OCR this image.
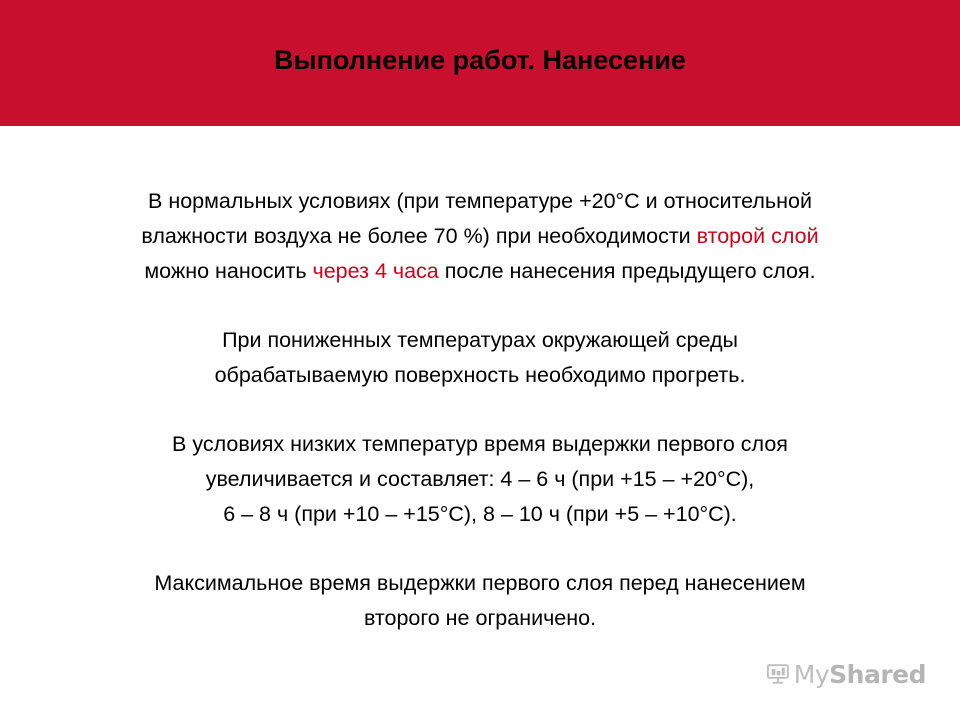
Выполнение работ. Нанесение
В нормальных условиях (при температуре +20°С и относительной
влажности воздуха не более 70 %) при необходимости второй слой
можно наносить через 4 часа после нанесения предыдущего слоя.
При пониженных температурах окружающей среды
обрабатываемую поверхность необходимо прогреть.
В условиях низких температур время выдержки первого слоя
увеличивается и составляет: 4 – 6 ч (при +15 – +20°С),
6 – 8 ч (при +10 – +15°С), 8 – 10 ч (при +5 – +10°С).
Максимальное время выдержки первого слоя перед нанесением
второго не ограничено.
MyShared
